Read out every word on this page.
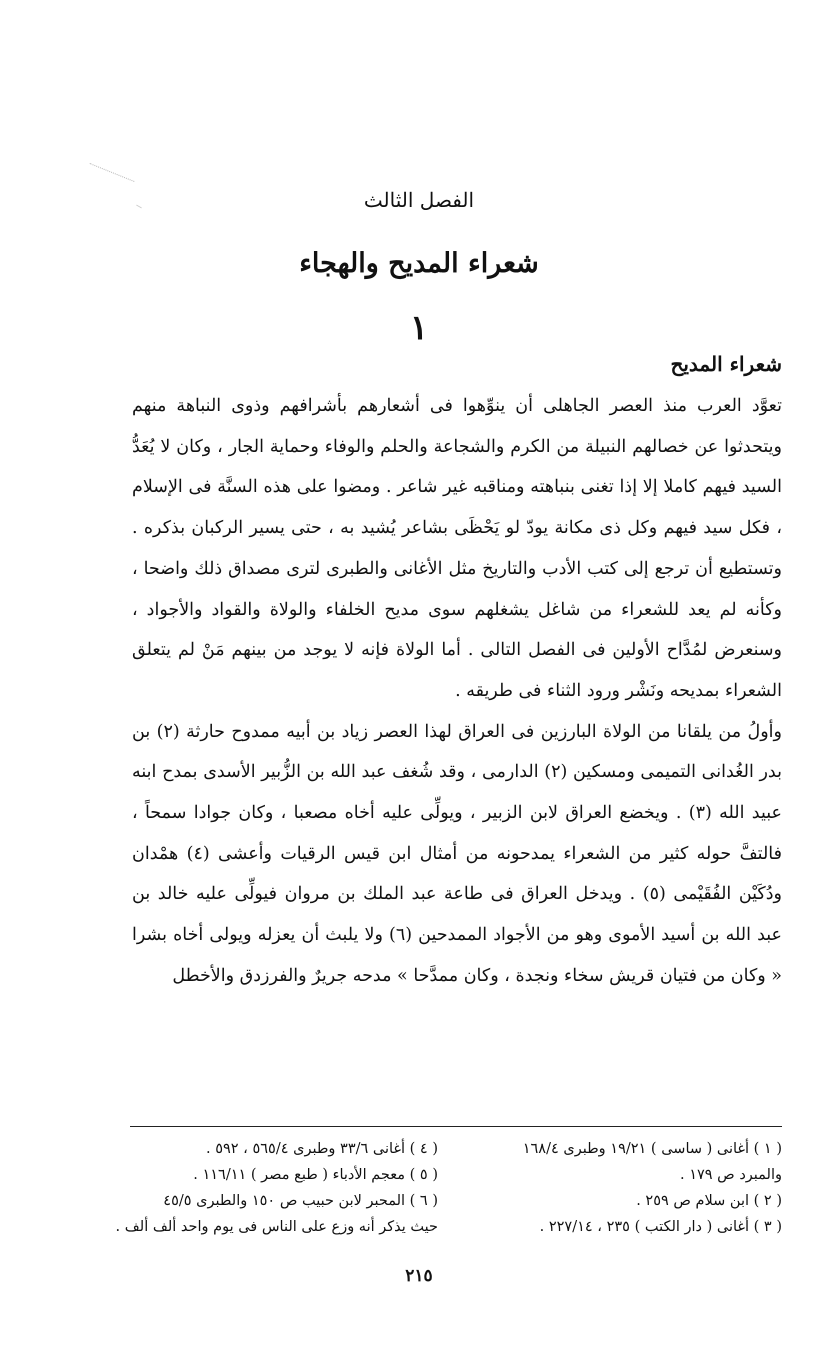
الفصل الثالث
شعراء المديح والهجاء
١
شعراء المديح

تعوَّد العرب منذ العصر الجاهلى أن ينوِّهوا فى أشعارهم بأشرافهم وذوى النباهة منهم ويتحدثوا عن خصالهم النبيلة من الكرم والشجاعة والحلم والوفاء وحماية الجار ، وكان لا يُعَدُّ السيد فيهم كاملا إلا إذا تغنى بنباهته ومناقبه غير شاعر . ومضوا على هذه السنَّة فى الإسلام ، فكل سيد فيهم وكل ذى مكانة يودّ لو يَحْظَى بشاعر يُشيد به ، حتى يسير الركبان بذكره . وتستطيع أن ترجع إلى كتب الأدب والتاريخ مثل الأغانى والطبرى لترى مصداق ذلك واضحا ، وكأنه لم يعد للشعراء من شاغل يشغلهم سوى مديح الخلفاء والولاة والقواد والأجواد ، وسنعرض لمُدَّاح الأولين فى الفصل التالى . أما الولاة فإنه لا يوجد من بينهم مَنْ لم يتعلق الشعراء بمديحه ونَشْر ورود الثناء فى طريقه .

وأولُ من يلقانا من الولاة البارزين فى العراق لهذا العصر زياد بن أبيه ممدوح حارثة (٢) بن بدر الغُدانى التميمى ومسكين (٢) الدارمى ، وقد شُغف عبد الله بن الزُّبير الأسدى بمدح ابنه عبيد الله (٣) . ويخضع العراق لابن الزبير ، ويولِّى عليه أخاه مصعبا ، وكان جوادا سمحاً ، فالتفَّ حوله كثير من الشعراء يمدحونه من أمثال ابن قيس الرقيات وأعشى (٤) همْدان ودُكَيْن الفُقَيْمى (٥) . ويدخل العراق فى طاعة عبد الملك بن مروان فيولِّى عليه خالد بن عبد الله بن أسيد الأموى وهو من الأجواد الممدحين (٦) ولا يلبث أن يعزله ويولى أخاه بشرا « وكان من فتيان قريش سخاء ونجدة ، وكان ممدَّحا » مدحه جريرٌ والفرزدق والأخطل

( ١ ) أغانى ( ساسى ) ١٩/٢١ وطبرى ١٦٨/٤
والمبرد ص ١٧٩ .
( ٢ ) ابن سلام ص ٢٥٩ .
( ٣ ) أغانى ( دار الكتب ) ٢٣٥ ، ٢٢٧/١٤ .
( ٤ ) أغانى ٣٣/٦ وطبرى ٥٦٥/٤ ، ٥٩٢ .
( ٥ ) معجم الأدباء ( طبع مصر ) ١١٦/١١ .
( ٦ ) المحبر لابن حبيب ص ١٥٠ والطبرى ٤٥/٥
حيث يذكر أنه وزع على الناس فى يوم واحد ألف ألف .
٢١٥
